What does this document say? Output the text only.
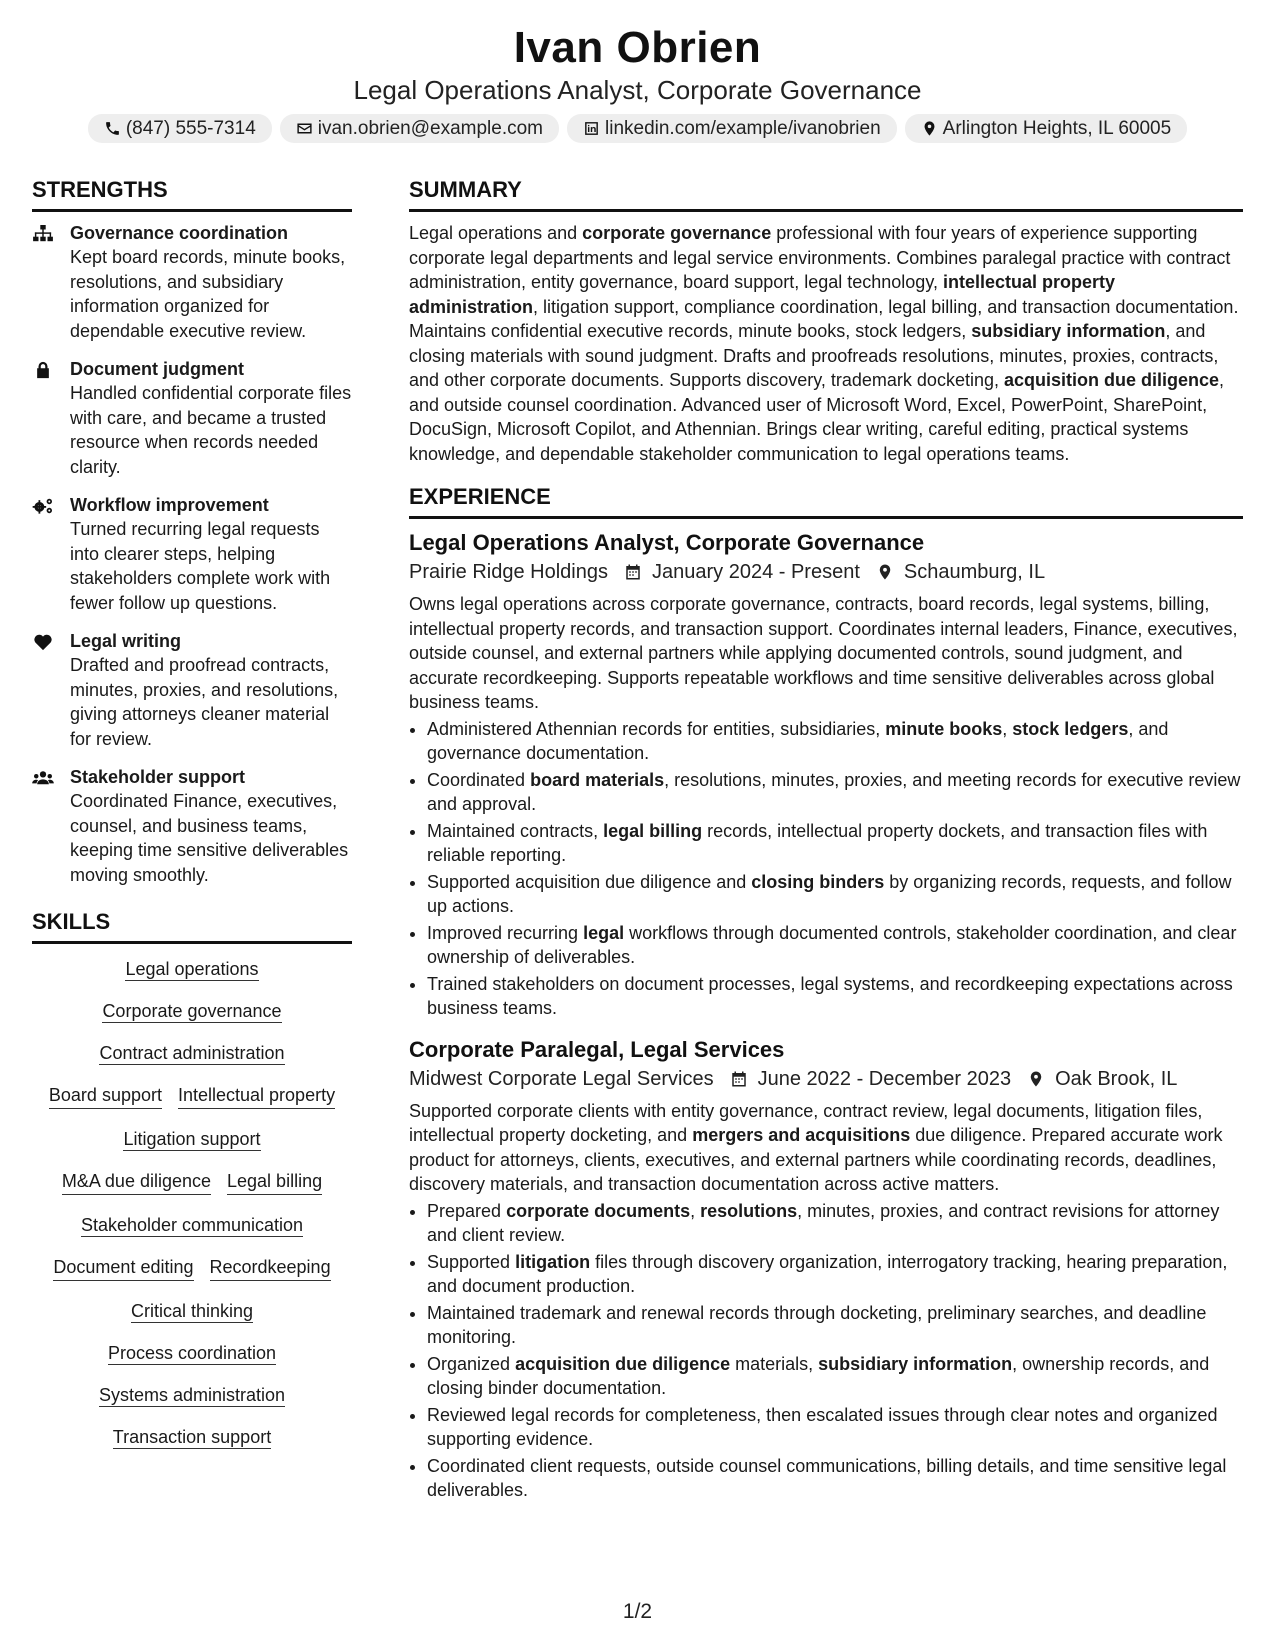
Ivan Obrien
Legal Operations Analyst, Corporate Governance
(847) 555-7314	ivan.obrien@example.com	linkedin.com/example/ivanobrien	Arlington Heights, IL 60005
STRENGTHS
Governance coordination
Kept board records, minute books, resolutions, and subsidiary information organized for dependable executive review.
Document judgment
Handled confidential corporate files with care, and became a trusted resource when records needed clarity.
Workflow improvement
Turned recurring legal requests into clearer steps, helping stakeholders complete work with fewer follow up questions.
Legal writing
Drafted and proofread contracts, minutes, proxies, and resolutions, giving attorneys cleaner material for review.
Stakeholder support
Coordinated Finance, executives, counsel, and business teams, keeping time sensitive deliverables moving smoothly.
SKILLS
Legal operations
Corporate governance
Contract administration
Board support Intellectual property
Litigation support
M&A due diligence Legal billing
Stakeholder communication
Document editing Recordkeeping
Critical thinking
Process coordination
Systems administration
Transaction support
SUMMARY

Legal operations and corporate governance professional with four years of experience supporting corporate legal departments and legal service environments. Combines paralegal practice with contract administration, entity governance, board support, legal technology, intellectual property administration, litigation support, compliance coordination, legal billing, and transaction documentation. Maintains confidential executive records, minute books, stock ledgers, subsidiary information, and closing materials with sound judgment. Drafts and proofreads resolutions, minutes, proxies, contracts, and other corporate documents. Supports discovery, trademark docketing, acquisition due diligence, and outside counsel coordination. Advanced user of Microsoft Word, Excel, PowerPoint, SharePoint, DocuSign, Microsoft Copilot, and Athennian. Brings clear writing, careful editing, practical systems knowledge, and dependable stakeholder communication to legal operations teams.

EXPERIENCE
Legal Operations Analyst, Corporate Governance
Prairie Ridge Holdings January 2024 - Present Schaumburg, IL

Owns legal operations across corporate governance, contracts, board records, legal systems, billing, intellectual property records, and transaction support. Coordinates internal leaders, Finance, executives, outside counsel, and external partners while applying documented controls, sound judgment, and accurate recordkeeping. Supports repeatable workflows and time sensitive deliverables across global business teams.

• Administered Athennian records for entities, subsidiaries, minute books, stock ledgers, and governance documentation.
• Coordinated board materials, resolutions, minutes, proxies, and meeting records for executive review and approval.
• Maintained contracts, legal billing records, intellectual property dockets, and transaction files with reliable reporting.
• Supported acquisition due diligence and closing binders by organizing records, requests, and follow up actions.
• Improved recurring legal workflows through documented controls, stakeholder coordination, and clear ownership of deliverables.
• Trained stakeholders on document processes, legal systems, and recordkeeping expectations across business teams.
Corporate Paralegal, Legal Services
Midwest Corporate Legal Services June 2022 - December 2023 Oak Brook, IL

Supported corporate clients with entity governance, contract review, legal documents, litigation files, intellectual property docketing, and mergers and acquisitions due diligence. Prepared accurate work product for attorneys, clients, executives, and external partners while coordinating records, deadlines, discovery materials, and transaction documentation across active matters.

• Prepared corporate documents, resolutions, minutes, proxies, and contract revisions for attorney and client review.
• Supported litigation files through discovery organization, interrogatory tracking, hearing preparation, and document production.
• Maintained trademark and renewal records through docketing, preliminary searches, and deadline monitoring.
• Organized acquisition due diligence materials, subsidiary information, ownership records, and closing binder documentation.
• Reviewed legal records for completeness, then escalated issues through clear notes and organized supporting evidence.
• Coordinated client requests, outside counsel communications, billing details, and time sensitive legal deliverables.
1/2
